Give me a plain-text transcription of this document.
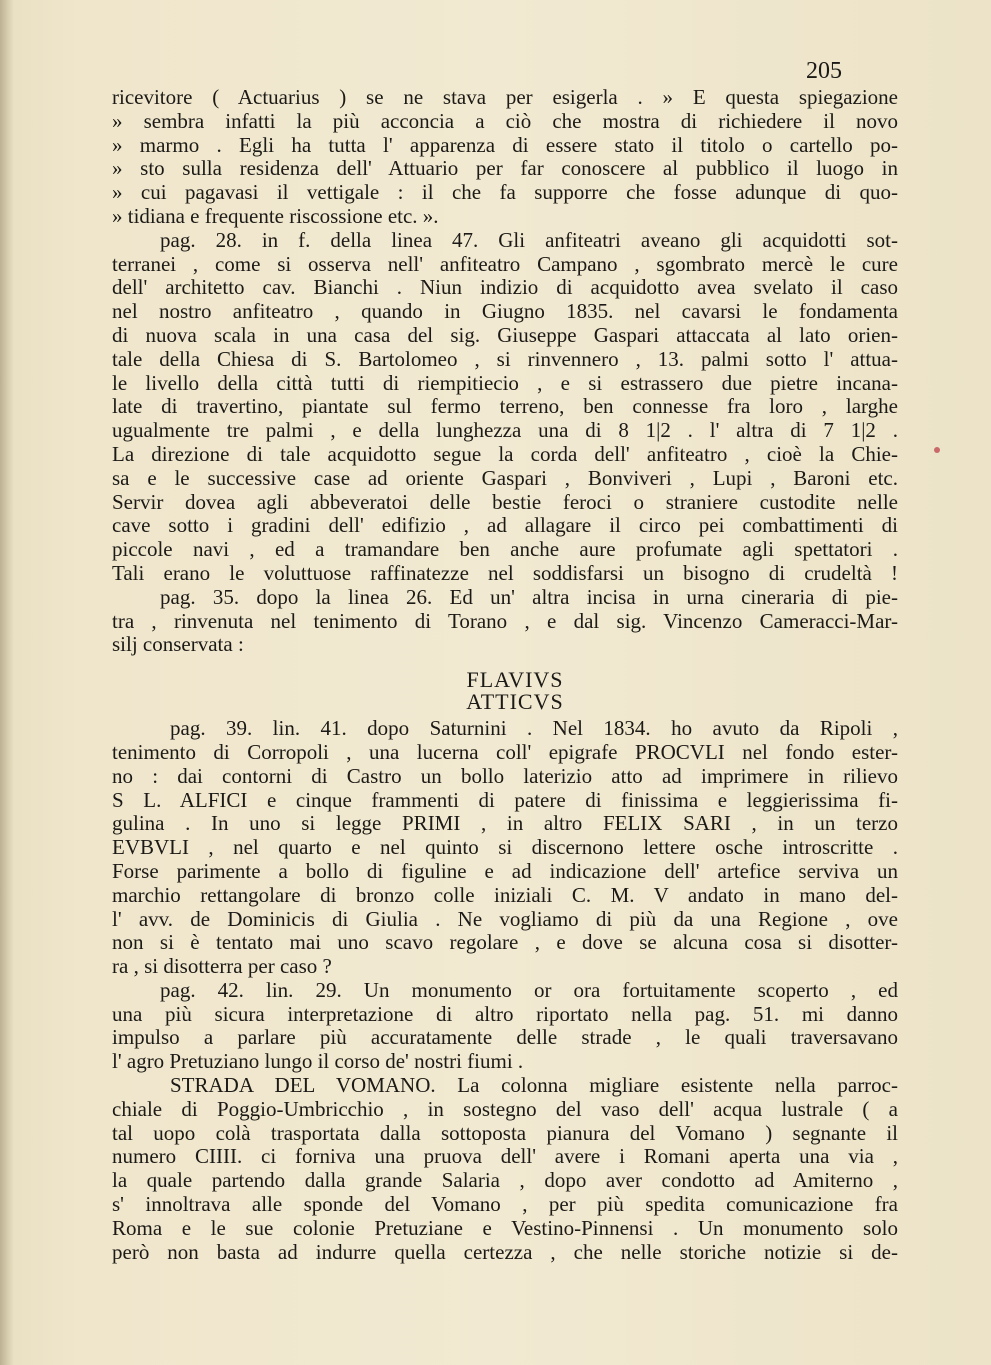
205
ricevitore ( Actuarius ) se ne stava per esigerla . » E questa spiegazione
» sembra infatti la più acconcia a ciò che mostra di richiedere il novo
» marmo . Egli ha tutta l' apparenza di essere stato il titolo o cartello po-
» sto sulla residenza dell' Attuario per far conoscere al pubblico il luogo in
» cui pagavasi il vettigale : il che fa supporre che fosse adunque di quo-
» tidiana e frequente riscossione etc. ».
pag. 28. in f. della linea 47. Gli anfiteatri aveano gli acquidotti sot-
terranei , come si osserva nell' anfiteatro Campano , sgombrato mercè le cure
dell' architetto cav. Bianchi . Niun indizio di acquidotto avea svelato il caso
nel nostro anfiteatro , quando in Giugno 1835. nel cavarsi le fondamenta
di nuova scala in una casa del sig. Giuseppe Gaspari attaccata al lato orien-
tale della Chiesa di S. Bartolomeo , si rinvennero , 13. palmi sotto l' attua-
le livello della città tutti di riempitiecio , e si estrassero due pietre incana-
late di travertino, piantate sul fermo terreno, ben connesse fra loro , larghe
ugualmente tre palmi , e della lunghezza una di 8 1|2 . l' altra di 7 1|2 .
La direzione di tale acquidotto segue la corda dell' anfiteatro , cioè la Chie-
sa e le successive case ad oriente Gaspari , Bonviveri , Lupi , Baroni etc.
Servir dovea agli abbeveratoi delle bestie feroci o straniere custodite nelle
cave sotto i gradini dell' edifizio , ad allagare il circo pei combattimenti di
piccole navi , ed a tramandare ben anche aure profumate agli spettatori .
Tali erano le voluttuose raffinatezze nel soddisfarsi un bisogno di crudeltà !
pag. 35. dopo la linea 26. Ed un' altra incisa in urna cineraria di pie-
tra , rinvenuta nel tenimento di Torano , e dal sig. Vincenzo Cameracci-Mar-
silj conservata :
FLAVIVS
ATTICVS
pag. 39. lin. 41. dopo Saturnini . Nel 1834. ho avuto da Ripoli ,
tenimento di Corropoli , una lucerna coll' epigrafe PROCVLI nel fondo ester-
no : dai contorni di Castro un bollo laterizio atto ad imprimere in rilievo
S L. ALFICI e cinque frammenti di patere di finissima e leggierissima fi-
gulina . In uno si legge PRIMI , in altro FELIX SARI , in un terzo
EVBVLI , nel quarto e nel quinto si discernono lettere osche introscritte .
Forse parimente a bollo di figuline e ad indicazione dell' artefice serviva un
marchio rettangolare di bronzo colle iniziali C. M. V andato in mano del-
l' avv. de Dominicis di Giulia . Ne vogliamo di più da una Regione , ove
non si è tentato mai uno scavo regolare , e dove se alcuna cosa si disotter-
ra , si disotterra per caso ?
pag. 42. lin. 29. Un monumento or ora fortuitamente scoperto , ed
una più sicura interpretazione di altro riportato nella pag. 51. mi danno
impulso a parlare più accuratamente delle strade , le quali traversavano
l' agro Pretuziano lungo il corso de' nostri fiumi .
STRADA DEL VOMANO. La colonna migliare esistente nella parroc-
chiale di Poggio-Umbricchio , in sostegno del vaso dell' acqua lustrale ( a
tal uopo colà trasportata dalla sottoposta pianura del Vomano ) segnante il
numero CIIII. ci forniva una pruova dell' avere i Romani aperta una via ,
la quale partendo dalla grande Salaria , dopo aver condotto ad Amiterno ,
s' innoltrava alle sponde del Vomano , per più spedita comunicazione fra
Roma e le sue colonie Pretuziane e Vestino-Pinnensi . Un monumento solo
però non basta ad indurre quella certezza , che nelle storiche notizie si de-
